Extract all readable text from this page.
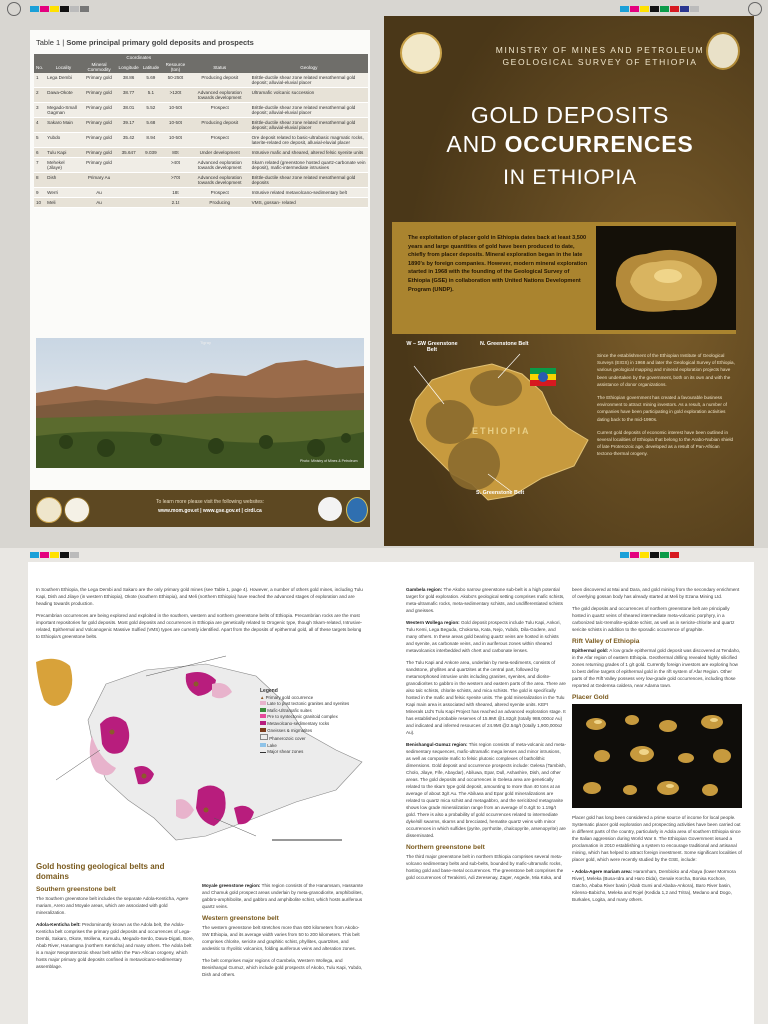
Table 1 | Some principal primary gold deposits and prospects
			Coordinates				
No.	Locality	Mineral Commodity	Longitude	Latitude	Resource (ton)	Status	Geology
1	Lega Dembi	Primary gold	38.86	5.69	50-250t	Producing deposit	Brittle-ductile shear zone related mesothermal gold deposit; alluvial-eluvial placer
2	Dawa-Okote	Primary gold	38.77	5.1	>120t	Advanced exploration towards development	Ultramafic volcanic succession
3	Megado-Small Gagman	Primary gold	38.01	5.52	10-50t	Prospect	Brittle-ductile shear zone related mesothermal gold deposit; alluvial-eluvial placer
4	Sakaro Main	Primary gold	39.17	5.68	10-50t	Producing deposit	Brittle-ductile shear zone related mesothermal gold deposit; alluvial-eluvial placer
5	Yubdo	Primary gold	35.42	8.94	10-50t	Prospect	Ore deposit related to basic-ultrabasic magmatic rocks, laterite-related ore deposit, alluvial-eluvial placer
6	Tulu Kapi	Primary gold	35.647	9.039	80t	Under development	Intrusive mafic and sheared, altered felsic syenite units
7	Mehekel (Jilaye)	Primary gold			>40t	Advanced exploration towards development	Skarn related (greenstone hosted quartz-carbonate vein deposit), mafic-intermediate intrusives
8	Dish	Primary Au			>70t	Advanced exploration towards development	Brittle-ductile shear zone related mesothermal gold deposits
9	Werri	Au			18t	Prospect	Intrusive related metavolcano-sedimentary belt
10	Meli	Au			2.1t	Producing	VMS, gossan- related
Tigray
Photo: Ministry of Mines & Petroleum
To learn more please visit the following websites:
www.mom.gov.et | www.gse.gov.et | cirdi.ca
MINISTRY OF MINES AND PETROLEUM
GEOLOGICAL SURVEY OF ETHIOPIA
GOLD DEPOSITS
AND OCCURRENCES
IN ETHIOPIA
The exploitation of placer gold in Ethiopia dates back at least 3,500 years and large quantities of gold have been produced to date, chiefly from placer deposits. Mineral exploration began in the late 1890's by foreign companies. However, modern mineral exploration started in 1968 with the founding of the Geological Survey of Ethiopia (GSE) in collaboration with United Nations Development Program (UNDP).
W – SW Greenstone Belt
N. Greenstone Belt
S. Greenstone Belt
ETHIOPIA

Since the establishment of the Ethiopian Institute of Geological Surveys (EIGS) in 1968 and later the Geological Survey of Ethiopia, various geological mapping and mineral exploration projects have been undertaken by the government, both on its own and with the assistance of donor organizations.

The Ethiopian government has created a favourable business environment to attract mining investors. As a result, a number of companies have been participating in gold exploration activities dating back to the mid-1990s.

Current gold deposits of economic interest have been outlined in several localities of Ethiopia that belong to the Arabo-Nubian shield of late Proterozoic age, developed as a result of Pan-African tectono-thermal orogeny.

In Southern Ethiopia, the Lega Dembi and Sakaro are the only primary gold mines (see Table 1, page 4). However, a number of others gold mines, including Tulu Kapi, Dish and Jilaye (in western Ethiopia), Okote (southern Ethiopia), and Meli (northern Ethiopia) have reached the advanced stages of exploration and are heading towards production.

Precambrian occurrences are being explored and exploited in the southern, western and northern greenstone belts of Ethiopia. Precambrian rocks are the most important repositories for gold deposits. Most gold deposits and occurrences in Ethiopia are genetically related to Orogenic type, though Skarn-related, Intrusive-related, Epithermal and Volcanogenic Massive Sulfied (VMS) types are currently identified. Apart from the deposits of epithermal gold, all of these targets belong to Ethiopia's greenstone belts.

Legend
▲ Primary gold occurrence
Late to post tectonic granites and syenites
Mafic-Ultramafic suites
Pre to syntectonic granitoid complex
Metavolcano-sedimentary rocks
Gneisses & migmatites
Phanerozoic cover
Lake
Major shear zones
Gold hosting geological belts and domains
Southern greenstone belt

The Southern greenstone belt includes the separate Adola-Kenticha, Agere mariam, Arero and Moyale areas, which are associated with gold mineralization.

Adola-Kenticha belt: Predominantly known as the Adola belt, the Adola-Kenticha belt comprises the primary gold deposits and occurrences of Lega-Dembi, Sakaro, Okote, Wollena, Kumudu, Megado-Serdo, Dawa-Digati, Bore, Abab River, Hanamgna (northern Kenticha) and many others. The Adola belt is a major Neoproterozoic shear belt within the Pan-African orogeny, which hosts major primary gold deposits confined in metavolcano-sedimentary assemblage.

Moyale greenstone region: This region consists of the Hanamsam, Hassamte and Chamuk gold prospect areas underlain by meta-granodiorite, amphibolites, gabbro-amphibolite, and gabbro and amphibolite schist, which hosts auriferous quartz veins.

Western greenstone belt

The western greenstone belt stretches more than 600 kilometers from Akobo-SW Ethiopia, and its average width varies from 50 to 200 kilometers. This belt comprises chlorite, sericite and graphitic schist, phyllites, quartzites, and andesitic to rhyolitic volcanics, folding auriferous veins and alteration zones.

The belt comprises major regions of Gambela, Western Wollega, and Benishangul Gumuz, which include gold prospects of Akobo, Tulu Kapi, Yubdo, Dish and others.

Gambela region: The Akobo narrow greenstone sub-belt is a high potential target for gold exploration. Akobo's geological setting comprises mafic schists, meta-ultramafic rocks, meta-sedimentary schists, and undifferentiated schists and gneisses.

Western Wollega region: Gold deposit prospects include Tulu Kapi, Ankori, Tulu Kemi, Lega Beguda, Chokorsa, Kata, Nejo, Yubdo, Dila-Godere, and many others. In these areas gold bearing quartz veins are hosted in schists and syenite, as carbonate veins, and in auriferous zones within sheared metavolcanics interbedded with chert and carbonate lenses.

The Tulu Kapi and Ankore area, underlain by meta-sediments, consists of sandstone, phyllites and quartzites at the central part, followed by metamorphosed intrusive units including granites, syenites, and diorite-granodiorites to gabbro in the western and eastern parts of the area. There are also talc schists, chlorite schists, and mica schists. The gold is specifically hosted in the mafic and felsic syenite units. The gold mineralization in the Tulu Kapi main area is associated with sheared, altered syenite units. KEFI Minerals Ltd's Tulu Kapi Project has reached an advanced exploration stage. It has established probable reserves of 15.9Mt @1.82g/t (totally 988,000oz Au) and indicated and inferred resources of 24.9Mt @2.54g/t (totally 1,900,000oz Au).

Benishangul-Gumuz region: This region consists of meta-volcanic and meta-sedimentary sequences, mafic-ultramafic mega lenses and minor intrusions, as well as composite mafic to felsic plutonic complexes of batholithic dimensions. Gold deposit and occurrence prospects include: Gelesa (Tambish, Cholo, Jilaye, Fife, Abaydar), Abiluwa, Epar, Dull, Ashashire, Dish, and other areas. The gold deposits and occurrences in Gelesa area are genetically related to the skarn type gold deposit, amounting to more than 40 tons at an average of about 3g/t Au. The Abiluwa and Epar gold mineralizations are related to quartz mica schist and metagabbro, and the sericitized metagranite shows low grade mineralization range from an average of 0.4g/t to 1.19g/t gold. There is also a probability of gold occurrences related to intermediate dyke/sill swarms, skarns and brecciated, hematite quartz veins with minor occurrences in which sulfides (pyrite, pyrrhotite, chalcopyrite, arsenopyrite) are disseminated.

Northern greenstone belt

The third major greenstone belt in northern Ethiopia comprises several meta-volcano sedimentary belts and sub-belts, bounded by mafic-ultramafic rocks, hosting gold and base-metal occurrences. The greenstone belt comprises the gold occurrences of Terakimti, Adi Zeresenay, Zager, Asgede, Mia Koka, and

been discovered at Mai and Dara, and gold mining from the secondary enrichment of overlying gossan body has already started at Meli by Ezana Mining Ltd.

The gold deposits and occurrences of northern greenstone belt are principally hosted in quartz veins of sheared intermediate meta-volcanic porphyry, in a carbonized talc-tremolite-epidote schist, as well as in sericite-chlorite and quartz sericite schists in addition to the sporadic occurrence of graphite.

Rift Valley of Ethiopia

Epithermal gold: A low grade epithermal gold deposit was discovered at Tendaho, in the Afar region of eastern Ethiopia. Geothermal drilling revealed highly silicified zones returning grades of 1 g/t gold. Currently foreign investors are exploring how to best define targets of epithermal gold in the rift system of Afar Region. Other parts of the Rift Valley possess very low-grade gold occurrences, including those reported at Gedemsa caldera, near Adama town.

Placer Gold

Placer gold has long been considered a prime source of income for local people. Systematic placer gold exploration and prospecting activities have been carried out in different parts of the country, particularly in Adola area of southern Ethiopia since the Italian aggression during World War II. The Ethiopian Government issued a proclamation in 2010 establishing a system to encourage traditional and artisanal mining, which has helped to attract foreign investment. Some significant localities of placer gold, which were recently studied by the GSE, include:

• Adola-Agere mariam area: Haramham, Dembioko and Abaya (lower Mormora River), Meleka (Busa-Idra and Haro Dida), Genale Korcha, Bonisa Kochore, Gatcho, Ababa River basin (Abab Gumi and Ababa-Ankora), Baro River basin, Kilenso-Babicho, Meleka and Rojel (Kedida 1,2 and Tritra), Medano and Dogo, Burkales, Logita, and many others.
